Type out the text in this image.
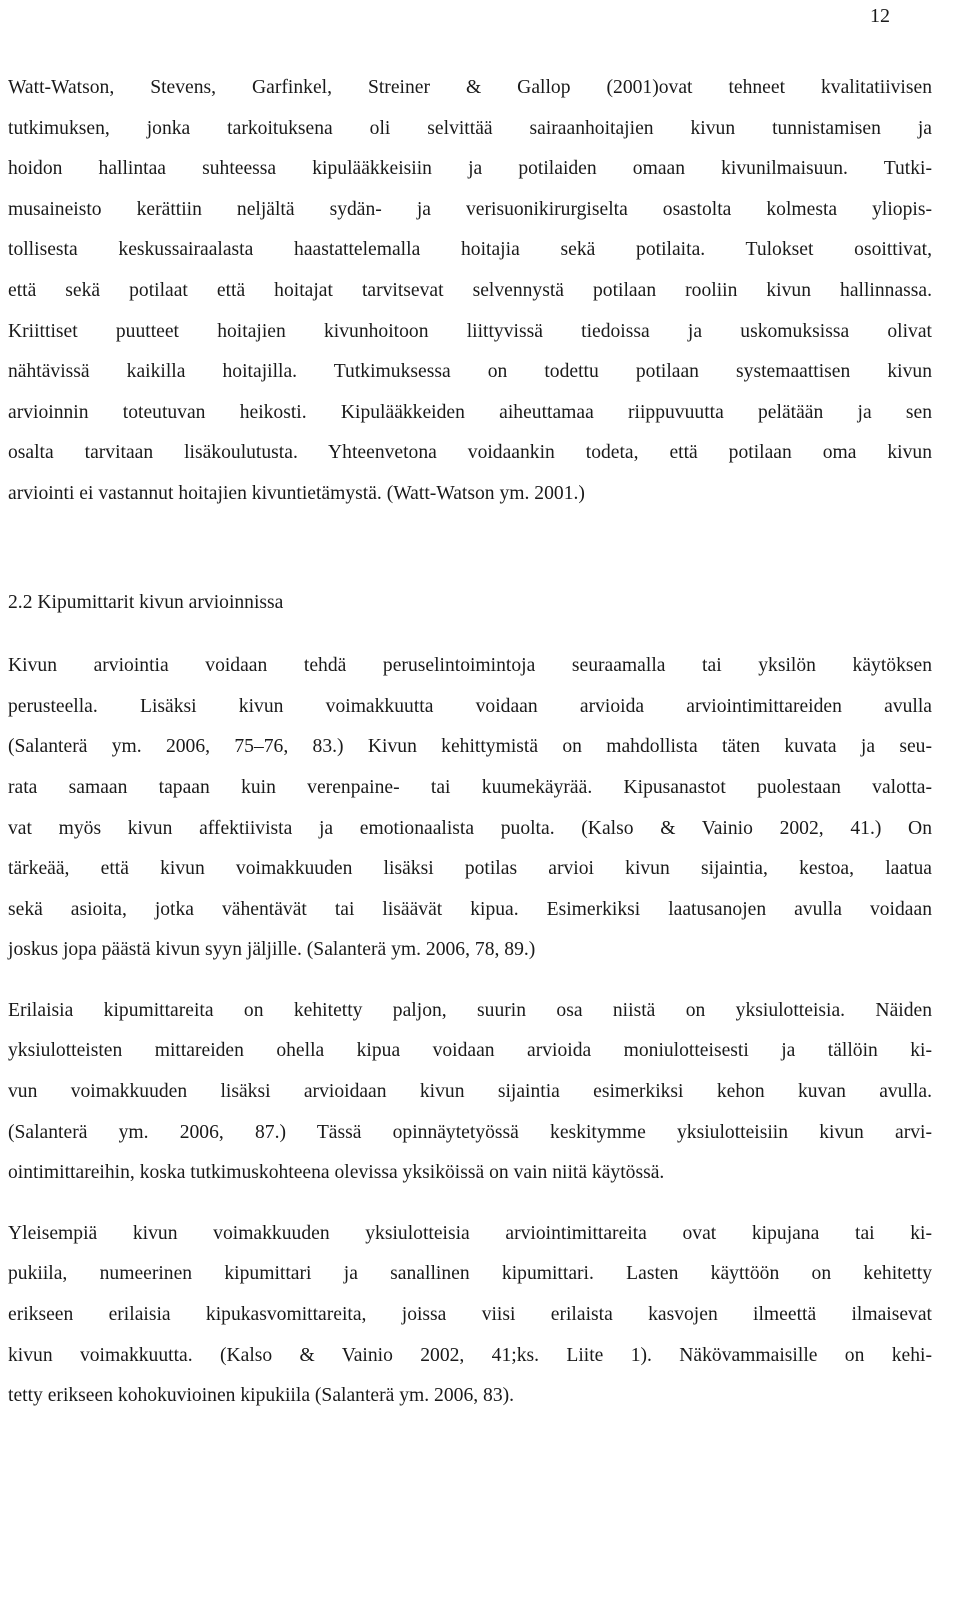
12

Watt-Watson, Stevens, Garfinkel, Streiner & Gallop (2001)ovat tehneet kvalitatiivisen
tutkimuksen, jonka tarkoituksena oli selvittää sairaanhoitajien kivun tunnistamisen ja
hoidon hallintaa suhteessa kipulääkkeisiin ja potilaiden omaan kivunilmaisuun. Tutki-
musaineisto kerättiin neljältä sydän- ja verisuonikirurgiselta osastolta kolmesta yliopis-
tollisesta keskussairaalasta haastattelemalla hoitajia sekä potilaita. Tulokset osoittivat,
että sekä potilaat että hoitajat tarvitsevat selvennystä potilaan rooliin kivun hallinnassa.
Kriittiset puutteet hoitajien kivunhoitoon liittyvissä tiedoissa ja uskomuksissa olivat
nähtävissä kaikilla hoitajilla. Tutkimuksessa on todettu potilaan systemaattisen kivun
arvioinnin toteutuvan heikosti. Kipulääkkeiden aiheuttamaa riippuvuutta pelätään ja sen
osalta tarvitaan lisäkoulutusta. Yhteenvetona voidaankin todeta, että potilaan oma kivun
arviointi ei vastannut hoitajien kivuntietämystä. (Watt-Watson ym. 2001.)

2.2 Kipumittarit kivun arvioinnissa

Kivun arviointia voidaan tehdä peruselintoimintoja seuraamalla tai yksilön käytöksen
perusteella. Lisäksi kivun voimakkuutta voidaan arvioida arviointimittareiden avulla
(Salanterä ym. 2006, 75–76, 83.) Kivun kehittymistä on mahdollista täten kuvata ja seu-
rata samaan tapaan kuin verenpaine- tai kuumekäyrää. Kipusanastot puolestaan valotta-
vat myös kivun affektiivista ja emotionaalista puolta. (Kalso & Vainio 2002, 41.) On
tärkeää, että kivun voimakkuuden lisäksi potilas arvioi kivun sijaintia, kestoa, laatua
sekä asioita, jotka vähentävät tai lisäävät kipua. Esimerkiksi laatusanojen avulla voidaan
joskus jopa päästä kivun syyn jäljille. (Salanterä ym. 2006, 78, 89.)

Erilaisia kipumittareita on kehitetty paljon, suurin osa niistä on yksiulotteisia. Näiden
yksiulotteisten mittareiden ohella kipua voidaan arvioida moniulotteisesti ja tällöin ki-
vun voimakkuuden lisäksi arvioidaan kivun sijaintia esimerkiksi kehon kuvan avulla.
(Salanterä ym. 2006, 87.) Tässä opinnäytetyössä keskitymme yksiulotteisiin kivun arvi-
ointimittareihin, koska tutkimuskohteena olevissa yksiköissä on vain niitä käytössä.

Yleisempiä kivun voimakkuuden yksiulotteisia arviointimittareita ovat kipujana tai ki-
pukiila, numeerinen kipumittari ja sanallinen kipumittari. Lasten käyttöön on kehitetty
erikseen erilaisia kipukasvomittareita, joissa viisi erilaista kasvojen ilmeettä ilmaisevat
kivun voimakkuutta. (Kalso & Vainio 2002, 41;ks. Liite 1). Näkövammaisille on kehi-
tetty erikseen kohokuvioinen kipukiila (Salanterä ym. 2006, 83).
